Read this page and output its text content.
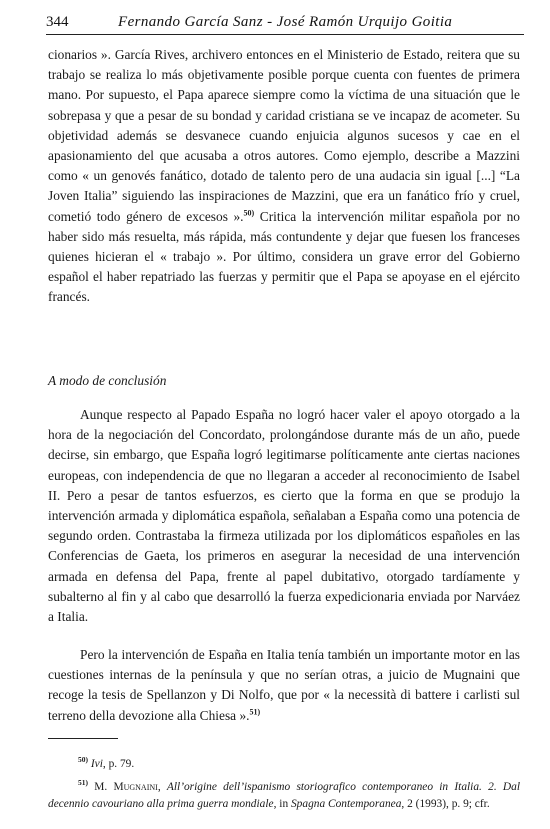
344	Fernando García Sanz - José Ramón Urquijo Goitia
cionarios ». García Rives, archivero entonces en el Ministerio de Estado, reitera que su trabajo se realiza lo más objetivamente posible porque cuenta con fuentes de primera mano. Por supuesto, el Papa aparece siempre como la víctima de una situación que le sobrepasa y que a pesar de su bondad y caridad cristiana se ve incapaz de acometer. Su objetividad además se desvanece cuando enjuicia algunos sucesos y cae en el apasionamiento del que acusaba a otros autores. Como ejemplo, describe a Mazzini como « un genovés fanático, dotado de talento pero de una audacia sin igual [...] “La Joven Italia” siguiendo las inspiraciones de Mazzini, que era un fanático frío y cruel, cometió todo género de excesos ».$^{50)}$ Critica la intervención militar española por no haber sido más resuelta, más rápida, más contundente y dejar que fuesen los franceses quienes hicieran el « trabajo ». Por último, considera un grave error del Gobierno español el haber repatriado las fuerzas y permitir que el Papa se apoyase en el ejército francés.
A modo de conclusión
Aunque respecto al Papado España no logró hacer valer el apoyo otorgado a la hora de la negociación del Concordato, prolongándose durante más de un año, puede decirse, sin embargo, que España logró legitimarse políticamente ante ciertas naciones europeas, con independencia de que no llegaran a acceder al reconocimiento de Isabel II. Pero a pesar de tantos esfuerzos, es cierto que la forma en que se produjo la intervención armada y diplomática española, señalaban a España como una potencia de segundo orden. Contrastaba la firmeza utilizada por los diplomáticos españoles en las Conferencias de Gaeta, los primeros en asegurar la necesidad de una intervención armada en defensa del Papa, frente al papel dubitativo, otorgado tardíamente y subalterno al fin y al cabo que desarrolló la fuerza expedicionaria enviada por Narváez a Italia.
Pero la intervención de España en Italia tenía también un importante motor en las cuestiones internas de la península y que no serían otras, a juicio de Mugnaini que recoge la tesis de Spellanzon y Di Nolfo, que por « la necessità di battere i carlisti sul terreno della devozione alla Chiesa ».$^{51)}$
$^{50)}$ Ivi, p. 79.
$^{51)}$ M. Mugnaini, All’origine dell’ispanismo storiografico contemporaneo in Italia. 2. Dal decennio cavouriano alla prima guerra mondiale, in Spagna Contemporanea, 2 (1993), p. 9; cfr.
